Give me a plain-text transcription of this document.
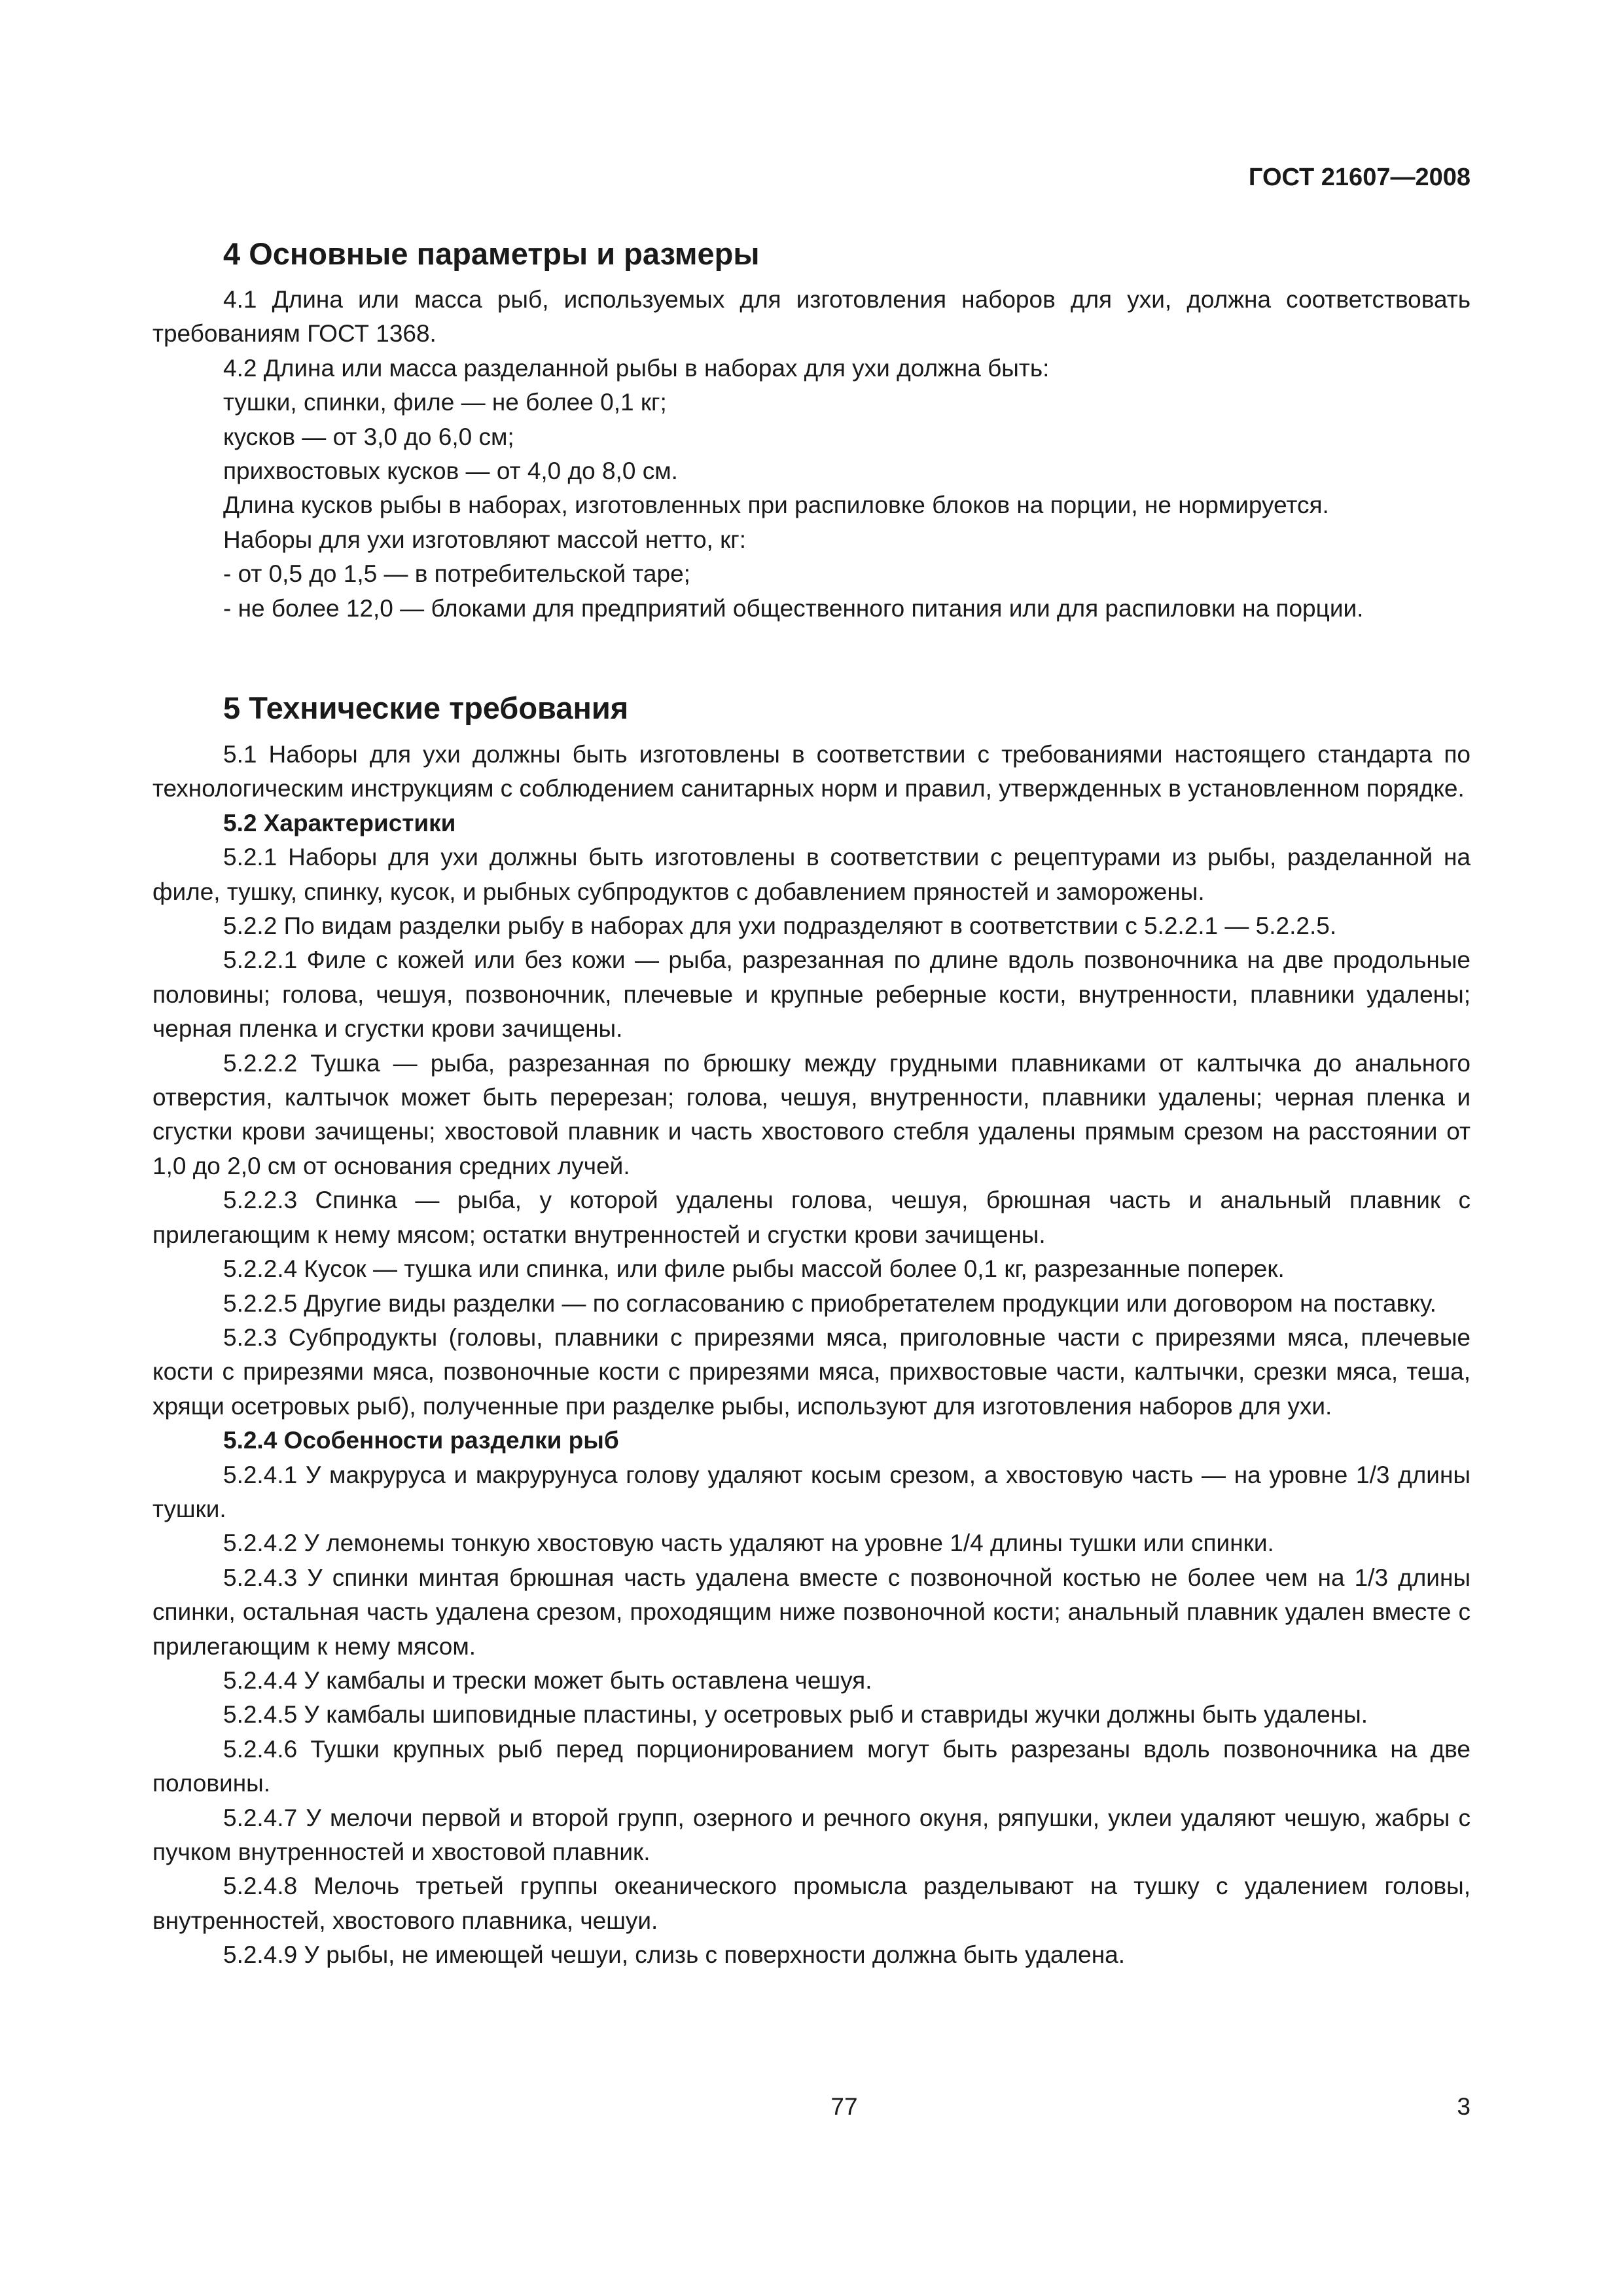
ГОСТ 21607—2008
4 Основные параметры и размеры

4.1 Длина или масса рыб, используемых для изготовления наборов для ухи, должна соответствовать требованиям ГОСТ 1368.

4.2 Длина или масса разделанной рыбы в наборах для ухи должна быть:

тушки, спинки, филе — не более 0,1 кг;

кусков — от 3,0 до 6,0 см;

прихвостовых кусков — от 4,0 до 8,0 см.

Длина кусков рыбы в наборах, изготовленных при распиловке блоков на порции, не нормируется.

Наборы для ухи изготовляют массой нетто, кг:

- от 0,5 до 1,5 — в потребительской таре;

- не более 12,0 — блоками для предприятий общественного питания или для распиловки на порции.

5 Технические требования

5.1 Наборы для ухи должны быть изготовлены в соответствии с требованиями настоящего стандарта по технологическим инструкциям с соблюдением санитарных норм и правил, утвержденных в установленном порядке.

5.2 Характеристики

5.2.1 Наборы для ухи должны быть изготовлены в соответствии с рецептурами из рыбы, разделанной на филе, тушку, спинку, кусок, и рыбных субпродуктов с добавлением пряностей и заморожены.

5.2.2 По видам разделки рыбу в наборах для ухи подразделяют в соответствии с 5.2.2.1 — 5.2.2.5.

5.2.2.1 Филе с кожей или без кожи — рыба, разрезанная по длине вдоль позвоночника на две продольные половины; голова, чешуя, позвоночник, плечевые и крупные реберные кости, внутренности, плавники удалены; черная пленка и сгустки крови зачищены.

5.2.2.2 Тушка — рыба, разрезанная по брюшку между грудными плавниками от калтычка до анального отверстия, калтычок может быть перерезан; голова, чешуя, внутренности, плавники удалены; черная пленка и сгустки крови зачищены; хвостовой плавник и часть хвостового стебля удалены прямым срезом на расстоянии от 1,0 до 2,0 см от основания средних лучей.

5.2.2.3 Спинка — рыба, у которой удалены голова, чешуя, брюшная часть и анальный плавник с прилегающим к нему мясом; остатки внутренностей и сгустки крови зачищены.

5.2.2.4 Кусок — тушка или спинка, или филе рыбы массой более 0,1 кг, разрезанные поперек.

5.2.2.5 Другие виды разделки — по согласованию с приобретателем продукции или договором на поставку.

5.2.3 Субпродукты (головы, плавники с прирезями мяса, приголовные части с прирезями мяса, плечевые кости с прирезями мяса, позвоночные кости с прирезями мяса, прихвостовые части, калтычки, срезки мяса, теша, хрящи осетровых рыб), полученные при разделке рыбы, используют для изготовления наборов для ухи.

5.2.4 Особенности разделки рыб

5.2.4.1 У макруруса и макрурунуса голову удаляют косым срезом, а хвостовую часть — на уровне 1/3 длины тушки.

5.2.4.2 У лемонемы тонкую хвостовую часть удаляют на уровне 1/4 длины тушки или спинки.

5.2.4.3 У спинки минтая брюшная часть удалена вместе с позвоночной костью не более чем на 1/3 длины спинки, остальная часть удалена срезом, проходящим ниже позвоночной кости; анальный плавник удален вместе с прилегающим к нему мясом.

5.2.4.4 У камбалы и трески может быть оставлена чешуя.

5.2.4.5 У камбалы шиповидные пластины, у осетровых рыб и ставриды жучки должны быть удалены.

5.2.4.6 Тушки крупных рыб перед порционированием могут быть разрезаны вдоль позвоночника на две половины.

5.2.4.7 У мелочи первой и второй групп, озерного и речного окуня, ряпушки, уклеи удаляют чешую, жабры с пучком внутренностей и хвостовой плавник.

5.2.4.8 Мелочь третьей группы океанического промысла разделывают на тушку с удалением головы, внутренностей, хвостового плавника, чешуи.

5.2.4.9 У рыбы, не имеющей чешуи, слизь с поверхности должна быть удалена.

77	3
